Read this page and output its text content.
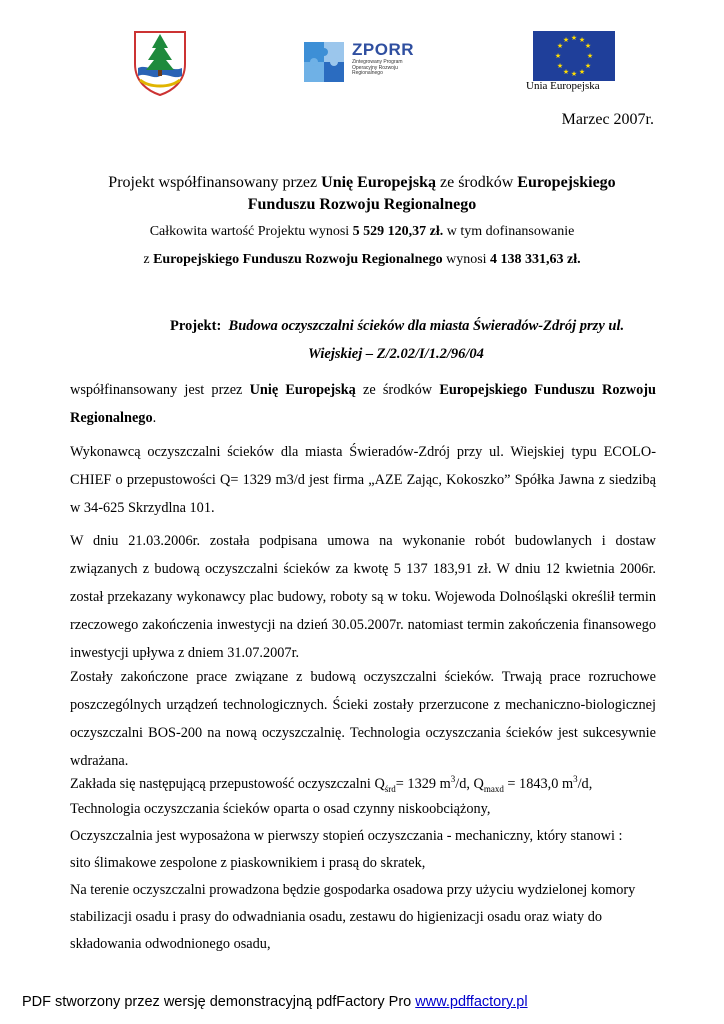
ZPORR
Zintegrowany Program Operacyjny Rozwoju Regionalnego
★ ★
★
★
★
★
★
★
★
★
★
★
Unia Europejska
Marzec 2007r.
Projekt współfinansowany przez Unię Europejską ze środków Europejskiego
Funduszu Rozwoju Regionalnego
Całkowita wartość Projektu wynosi 5 529 120,37 zł. w tym dofinansowanie
z Europejskiego Funduszu Rozwoju Regionalnego wynosi 4 138 331,63 zł.
Projekt: Budowa oczyszczalni ścieków dla miasta Świeradów-Zdrój przy ul.
Wiejskiej – Z/2.02/I/1.2/96/04

współfinansowany jest przez Unię Europejską ze środków Europejskiego Funduszu Rozwoju Regionalnego.

Wykonawcą oczyszczalni ścieków dla miasta Świeradów-Zdrój przy ul. Wiejskiej typu ECOLO-CHIEF o przepustowości Q= 1329 m3/d jest firma „AZE Zając, Kokoszko” Spółka Jawna z siedzibą w 34-625 Skrzydlna 101.

W dniu 21.03.2006r. została podpisana umowa na wykonanie robót budowlanych i dostaw związanych z budową oczyszczalni ścieków za kwotę 5 137 183,91 zł. W dniu 12 kwietnia 2006r. został przekazany wykonawcy plac budowy, roboty są w toku. Wojewoda Dolnośląski określił termin rzeczowego zakończenia inwestycji na dzień 30.05.2007r. natomiast termin zakończenia finansowego inwestycji upływa z dniem 31.07.2007r.

Zostały zakończone prace związane z budową oczyszczalni ścieków. Trwają prace rozruchowe poszczególnych urządzeń technologicznych. Ścieki zostały przerzucone z mechaniczno-biologicznej oczyszczalni BOS-200 na nową oczyszczalnię. Technologia oczyszczania ścieków jest sukcesywnie wdrażana.

Zakłada się następującą przepustowość oczyszczalni $Q_{śrd}= 1329$ $m^3/d$, $Q_{maxd} = 1843,0$ $m^3/d$,
Technologia oczyszczania ścieków oparta o osad czynny niskoobciążony,
Oczyszczalnia jest wyposażona w pierwszy stopień oczyszczania - mechaniczny, który stanowi :
sito ślimakowe zespolone z piaskownikiem i prasą do skratek,
Na terenie oczyszczalni prowadzona będzie gospodarka osadowa przy użyciu wydzielonej komory
stabilizacji osadu i prasy do odwadniania osadu, zestawu do higienizacji osadu oraz wiaty do
składowania odwodnionego osadu,
PDF stworzony przez wersję demonstracyjną pdfFactory Pro www.pdffactory.pl
